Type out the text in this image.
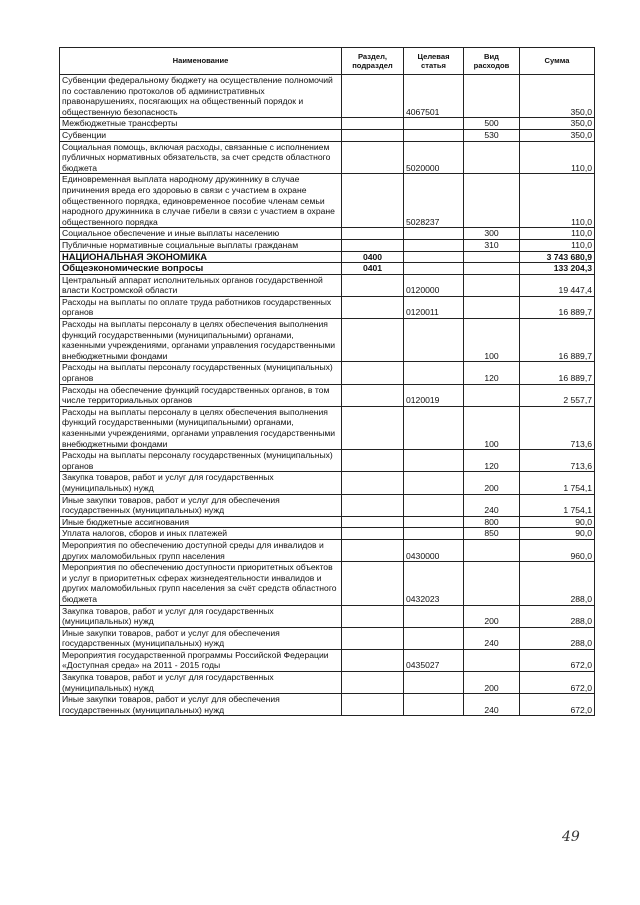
Наименование	Раздел, подраздел	Целевая статья	Вид расходов	Сумма
Субвенции федеральному бюджету на осуществление полномочий по составлению протоколов об административных правонарушениях, посягающих на общественный порядок и общественную безопасность		4067501		350,0
Межбюджетные трансферты			500	350,0
Субвенции			530	350,0
Социальная помощь, включая расходы, связанные с исполнением публичных нормативных обязательств, за счет средств областного бюджета		5020000		110,0
Единовременная выплата народному дружиннику в случае причинения вреда его здоровью в связи с участием в охране общественного порядка, единовременное пособие членам семьи народного дружинника в случае гибели в связи с участием в охране общественного порядка		5028237		110,0
Социальное обеспечение и иные выплаты населению			300	110,0
Публичные нормативные социальные выплаты гражданам			310	110,0
НАЦИОНАЛЬНАЯ ЭКОНОМИКА	0400			3 743 680,9
Общеэкономические вопросы	0401			133 204,3
Центральный аппарат исполнительных органов государственной власти Костромской области		0120000		19 447,4
Расходы на выплаты по оплате труда работников государственных органов		0120011		16 889,7
Расходы на выплаты персоналу в целях обеспечения выполнения функций государственными (муниципальными) органами, казенными учреждениями, органами управления государственными внебюджетными фондами			100	16 889,7
Расходы на выплаты персоналу государственных (муниципальных) органов			120	16 889,7
Расходы на обеспечение функций государственных органов, в том числе территориальных органов		0120019		2 557,7
Расходы на выплаты персоналу в целях обеспечения выполнения функций государственными (муниципальными) органами, казенными учреждениями, органами управления государственными внебюджетными фондами			100	713,6
Расходы на выплаты персоналу государственных (муниципальных) органов			120	713,6
Закупка товаров, работ и услуг для государственных (муниципальных) нужд			200	1 754,1
Иные закупки товаров, работ и услуг для обеспечения государственных (муниципальных) нужд			240	1 754,1
Иные бюджетные ассигнования			800	90,0
Уплата налогов, сборов и иных платежей			850	90,0
Мероприятия по обеспечению доступной среды для инвалидов и других маломобильных групп населения		0430000		960,0
Мероприятия по обеспечению доступности приоритетных объектов и услуг в приоритетных сферах жизнедеятельности инвалидов и других маломобильных групп населения за счёт средств областного бюджета		0432023		288,0
Закупка товаров, работ и услуг для государственных (муниципальных) нужд			200	288,0
Иные закупки товаров, работ и услуг для обеспечения государственных (муниципальных) нужд			240	288,0
Мероприятия государственной программы Российской Федерации «Доступная среда» на 2011 - 2015 годы		0435027		672,0
Закупка товаров, работ и услуг для государственных (муниципальных) нужд			200	672,0
Иные закупки товаров, работ и услуг для обеспечения государственных (муниципальных) нужд			240	672,0
49
